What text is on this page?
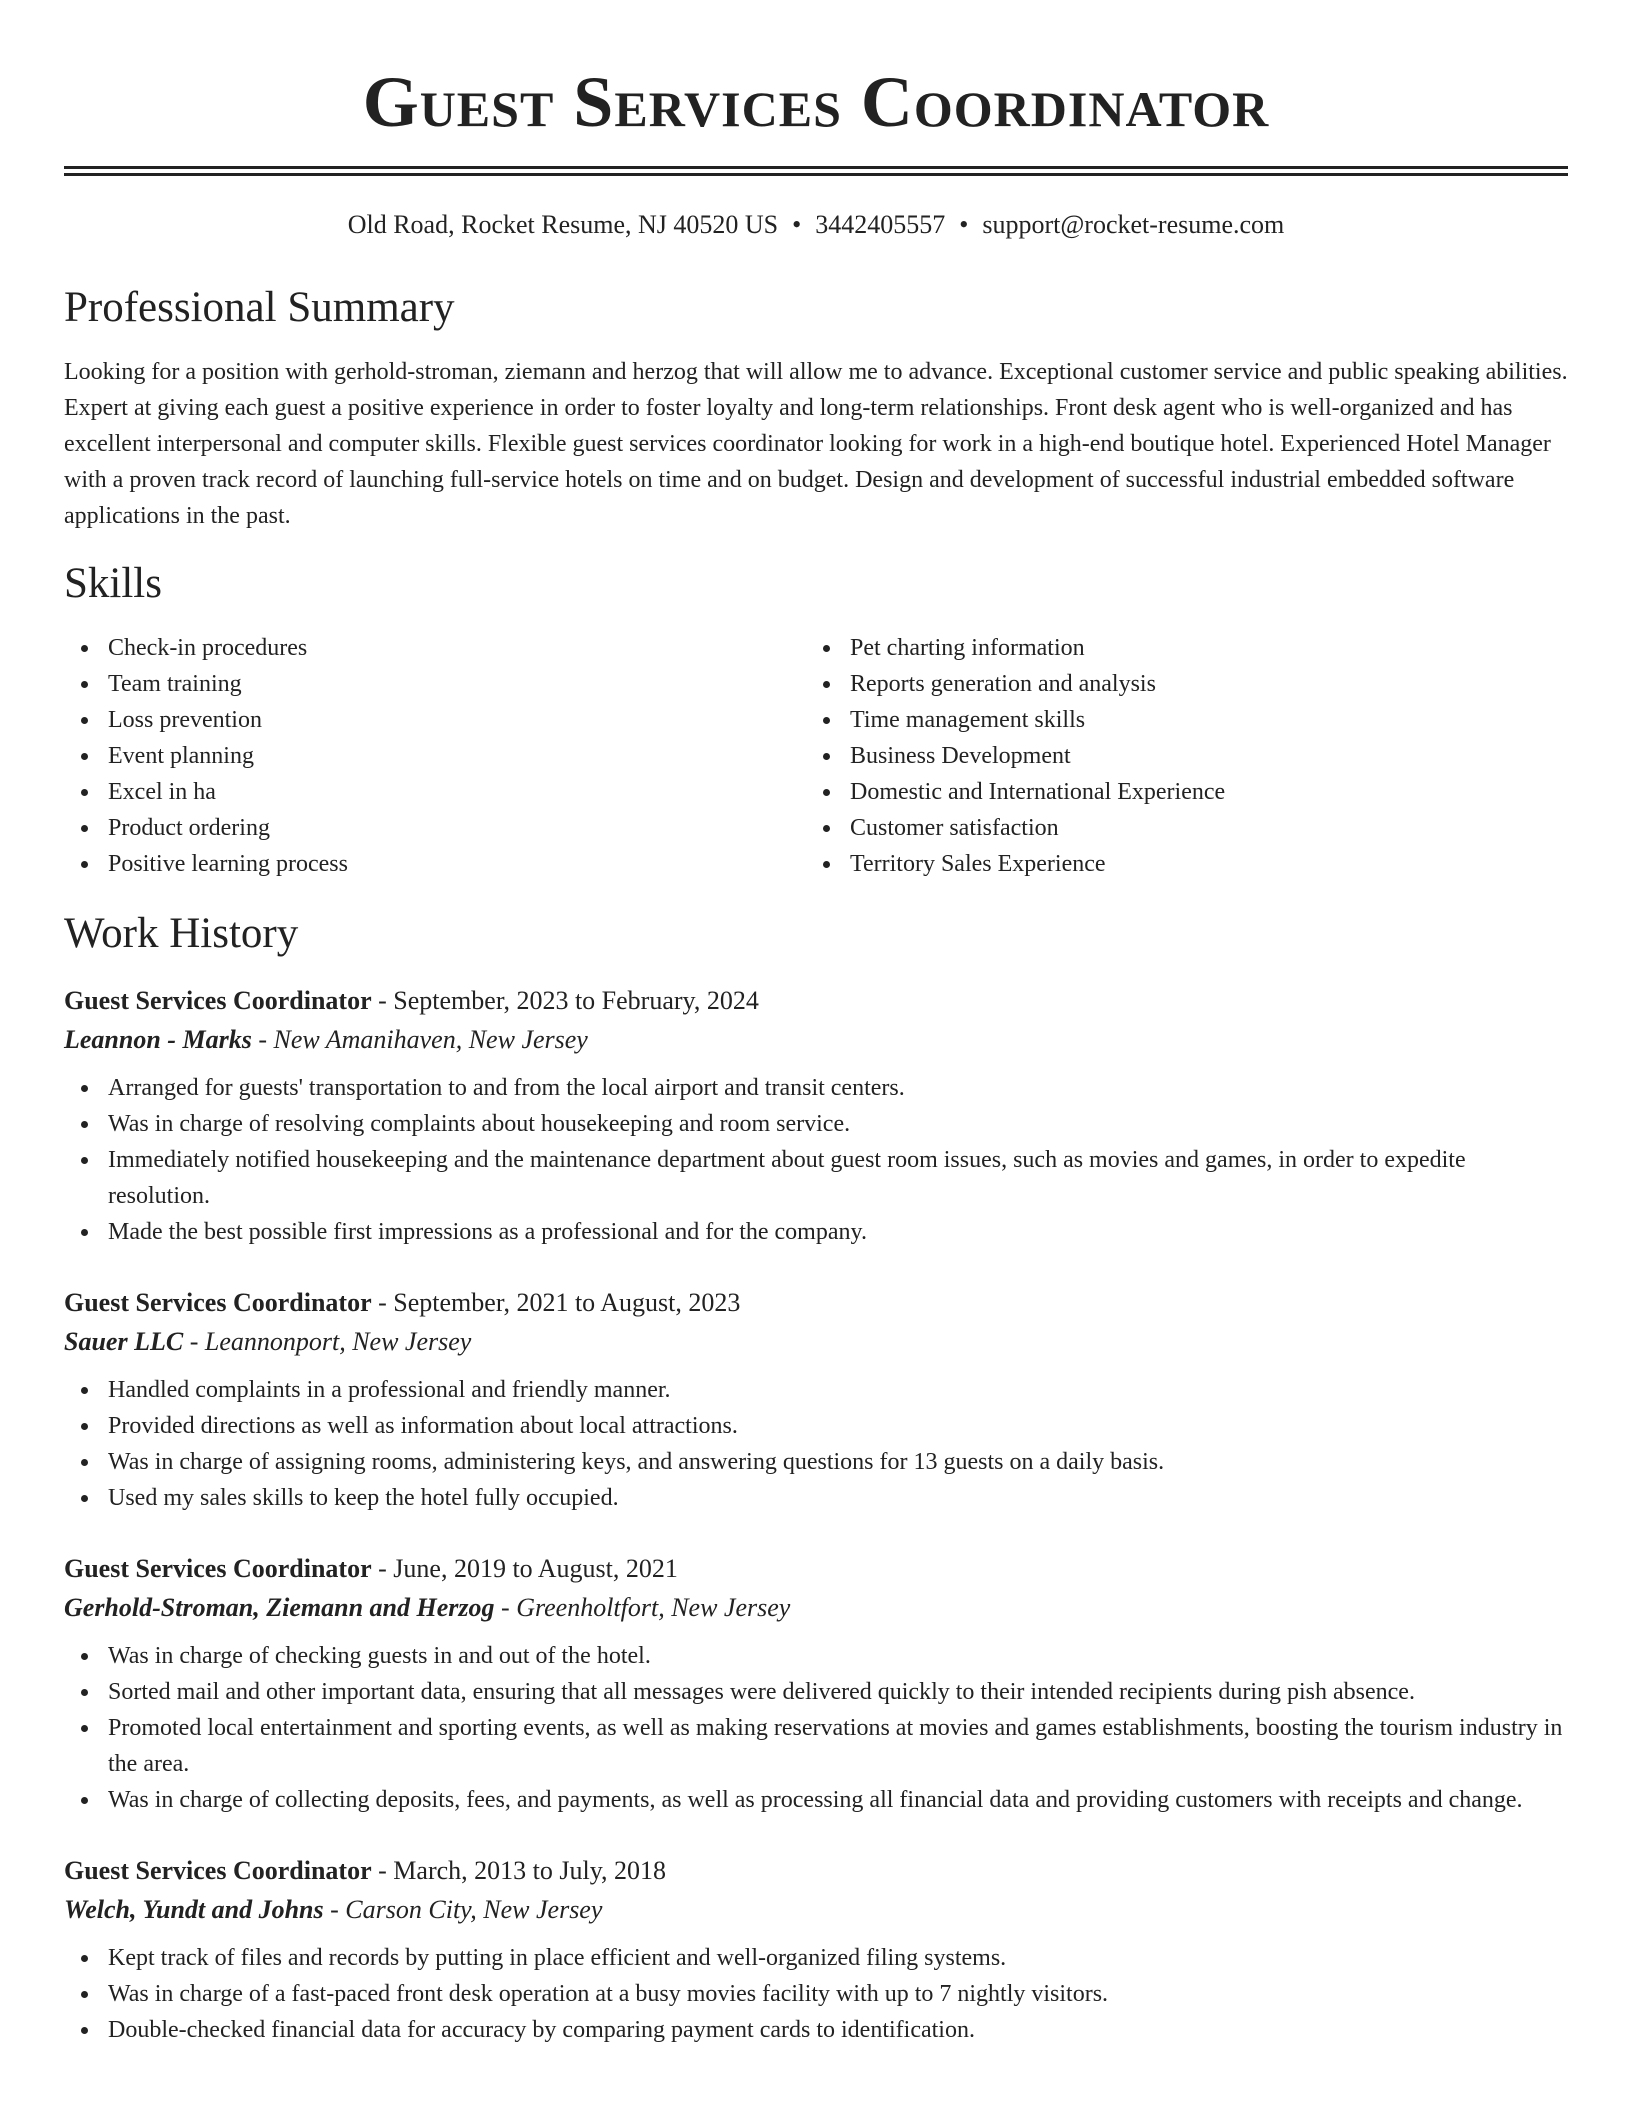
Guest Services Coordinator
Old Road, Rocket Resume, NJ 40520 US • 3442405557 • support@rocket-resume.com
Professional Summary

Looking for a position with gerhold-stroman, ziemann and herzog that will allow me to advance. Exceptional customer service and public speaking abilities. Expert at giving each guest a positive experience in order to foster loyalty and long-term relationships. Front desk agent who is well-organized and has excellent interpersonal and computer skills. Flexible guest services coordinator looking for work in a high-end boutique hotel. Experienced Hotel Manager with a proven track record of launching full-service hotels on time and on budget. Design and development of successful industrial embedded software applications in the past.

Skills
Check-in procedures
Team training
Loss prevention
Event planning
Excel in ha
Product ordering
Positive learning process
Pet charting information
Reports generation and analysis
Time management skills
Business Development
Domestic and International Experience
Customer satisfaction
Territory Sales Experience
Work History
Guest Services Coordinator - September, 2023 to February, 2024
Leannon - Marks - New Amanihaven, New Jersey
Arranged for guests' transportation to and from the local airport and transit centers.
Was in charge of resolving complaints about housekeeping and room service.
Immediately notified housekeeping and the maintenance department about guest room issues, such as movies and games, in order to expedite resolution.
Made the best possible first impressions as a professional and for the company.
Guest Services Coordinator - September, 2021 to August, 2023
Sauer LLC - Leannonport, New Jersey
Handled complaints in a professional and friendly manner.
Provided directions as well as information about local attractions.
Was in charge of assigning rooms, administering keys, and answering questions for 13 guests on a daily basis.
Used my sales skills to keep the hotel fully occupied.
Guest Services Coordinator - June, 2019 to August, 2021
Gerhold-Stroman, Ziemann and Herzog - Greenholtfort, New Jersey
Was in charge of checking guests in and out of the hotel.
Sorted mail and other important data, ensuring that all messages were delivered quickly to their intended recipients during pish absence.
Promoted local entertainment and sporting events, as well as making reservations at movies and games establishments, boosting the tourism industry in the area.
Was in charge of collecting deposits, fees, and payments, as well as processing all financial data and providing customers with receipts and change.
Guest Services Coordinator - March, 2013 to July, 2018
Welch, Yundt and Johns - Carson City, New Jersey
Kept track of files and records by putting in place efficient and well-organized filing systems.
Was in charge of a fast-paced front desk operation at a busy movies facility with up to 7 nightly visitors.
Double-checked financial data for accuracy by comparing payment cards to identification.
